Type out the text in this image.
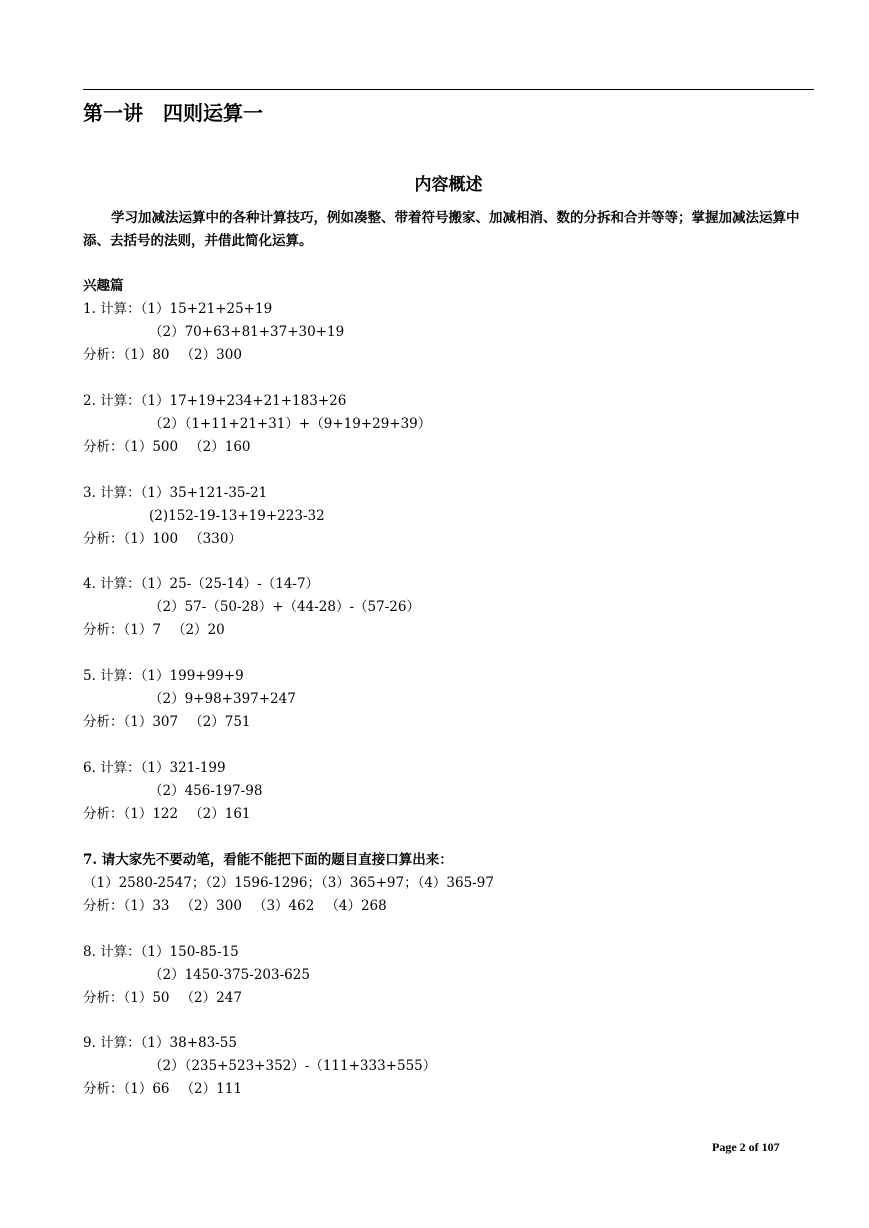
第一讲　四则运算一
内容概述
学习加减法运算中的各种计算技巧，例如凑整、带着符号搬家、加减相消、数的分拆和合并等等；掌握加减法运算中添、去括号的法则，并借此简化运算。
兴趣篇
1. 计算：（1）15+21+25+19
（2）70+63+81+37+30+19
分析：（1）80 　（2）300
2. 计算：（1）17+19+234+21+183+26
（2）（1+11+21+31）+（9+19+29+39）
分析：（1）500 　（2）160
3. 计算：（1）35+121-35-21
(2)152-19-13+19+223-32
分析：（1）100 　（330）
4. 计算：（1）25-（25-14）-（14-7）
（2）57-（50-28）+（44-28）-（57-26）
分析：（1）7 　（2）20
5. 计算：（1）199+99+9
（2）9+98+397+247
分析：（1）307 　（2）751
6. 计算：（1）321-199
（2）456-197-98
分析：（1）122 　（2）161
7. 请大家先不要动笔，看能不能把下面的题目直接口算出来：
（1）2580-2547；（2）1596-1296；（3）365+97；（4）365-97
分析：（1）33 　（2）300 　（3）462 　（4）268
8. 计算：（1）150-85-15
（2）1450-375-203-625
分析：（1）50 　（2）247
9. 计算：（1）38+83-55
（2）（235+523+352）-（111+333+555）
分析：（1）66 　（2）111
Page 2 of 107
